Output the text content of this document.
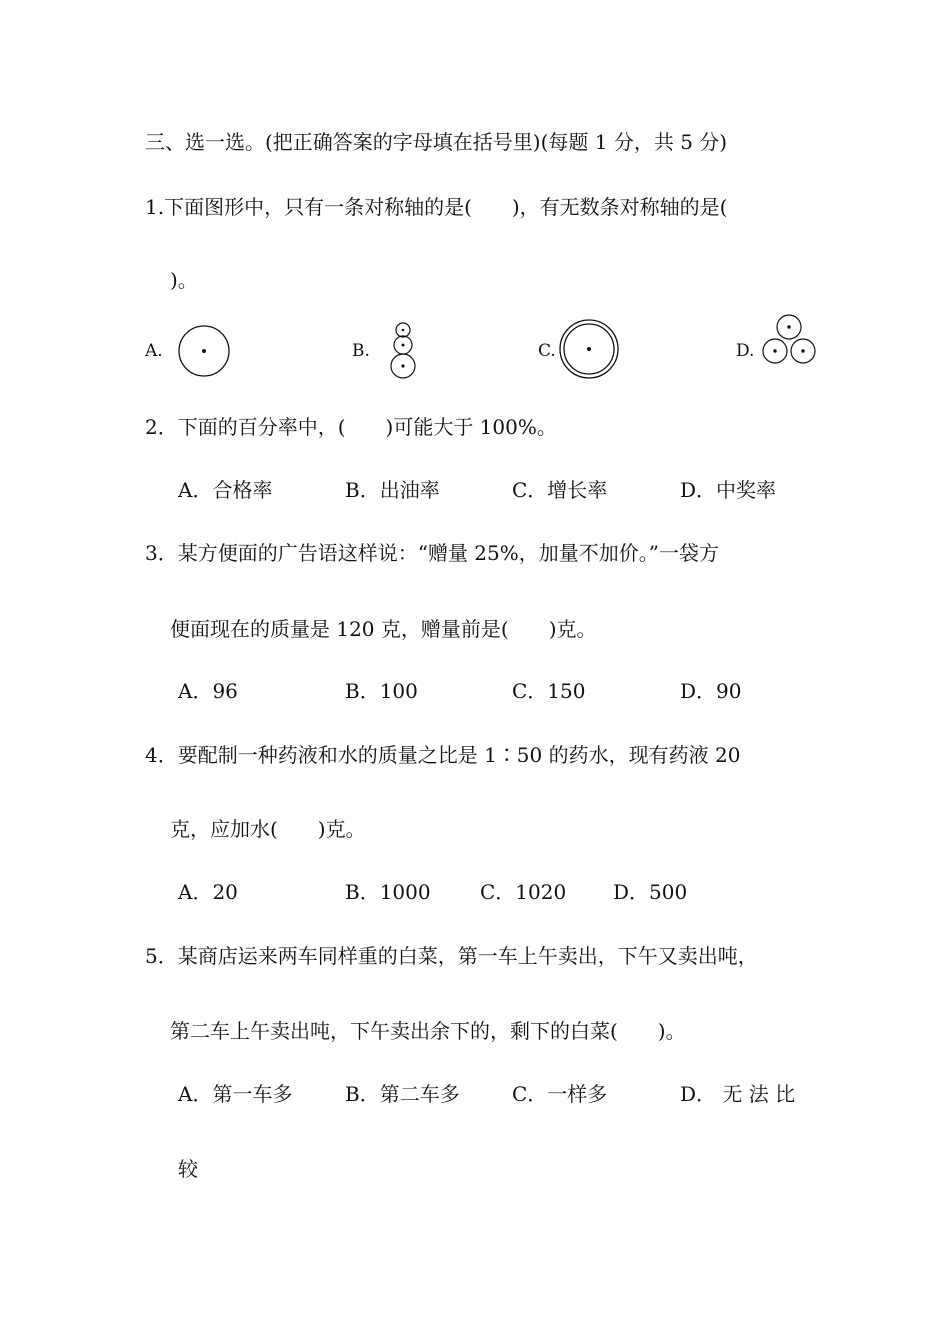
三、选一选。(把正确答案的字母填在括号里)(每题 1 分，共 5 分)
1.下面图形中，只有一条对称轴的是(　　)，有无数条对称轴的是(
)。
A.	B.	C.	D.
2．下面的百分率中，(　　)可能大于 100%。
A．合格率	B．出油率	C．增长率	D．中奖率
3．某方便面的广告语这样说：“赠量 25%，加量不加价。”一袋方
便面现在的质量是 120 克，赠量前是(　　)克。
A．96	B．100	C．150	D．90
4．要配制一种药液和水的质量之比是 1∶50 的药水，现有药液 20
克，应加水(　　)克。
A．20	B．1000 C．1020 D．500
5．某商店运来两车同样重的白菜，第一车上午卖出，下午又卖出吨，
第二车上午卖出吨，下午卖出余下的，剩下的白菜(　　)。
A．第一车多	B．第二车多	C．一样多	D． 无 法 比
较
